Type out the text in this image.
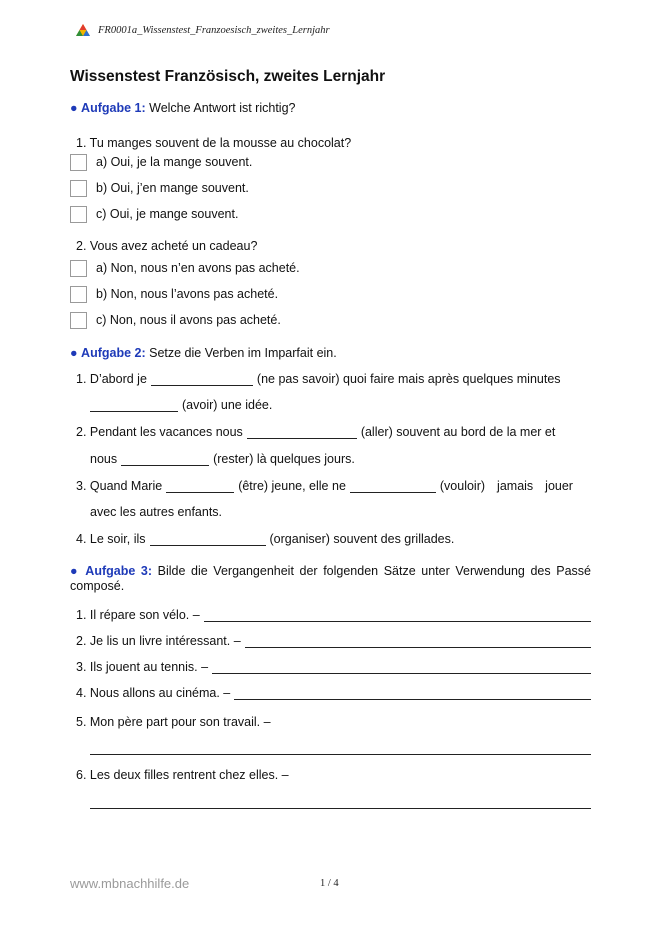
FR0001a_Wissenstest_Franzoesisch_zweites_Lernjahr
Wissenstest Französisch, zweites Lernjahr
● Aufgabe 1: Welche Antwort ist richtig?
1. Tu manges souvent de la mousse au chocolat?
a) Oui, je la mange souvent.
b) Oui, j’en mange souvent.
c) Oui, je mange souvent.
2. Vous avez acheté un cadeau?
a) Non, nous n’en avons pas acheté.
b) Non, nous l’avons pas acheté.
c) Non, nous il avons pas acheté.
● Aufgabe 2: Setze die Verben im Imparfait ein.
1.
D’abord je	(ne pas savoir) quoi faire mais après quelques minutes
(avoir) une idée.
2.
Pendant les vacances nous	(aller) souvent au bord de la mer et
nous	(rester) là quelques jours.
3.
Quand Marie	(être) jeune, elle ne	(vouloir) jamais jouer
avec les autres enfants.
4.
Le soir, ils	(organiser) souvent des grillades.
● Aufgabe 3: Bilde die Vergangenheit der folgenden Sätze unter Verwendung des Passé composé.
1. Il répare son vélo. –
2. Je lis un livre intéressant. –
3. Ils jouent au tennis. –
4. Nous allons au cinéma. –
5. Mon père part pour son travail. –
6. Les deux filles rentrent chez elles. –
www.mbnachhilfe.de	1 / 4
